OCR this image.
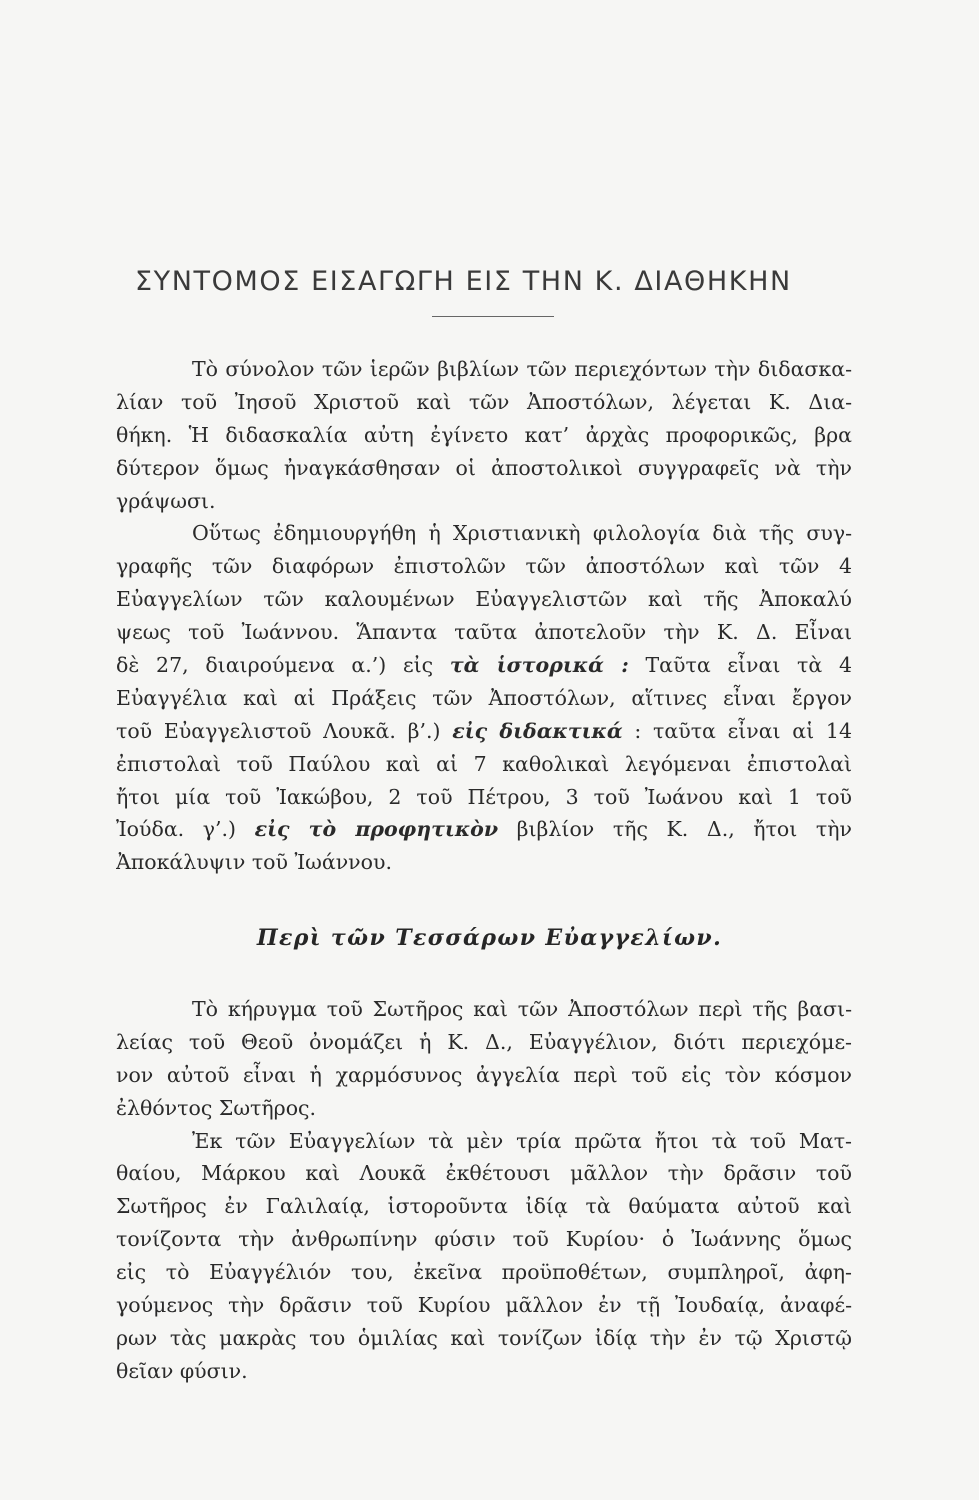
ΣΥΝΤΟΜΟΣ ΕΙΣΑΓΩΓΗ ΕΙΣ ΤΗΝ Κ. ΔΙΑΘΗΚΗΝ
Τὸ σύνολον τῶν ἱερῶν βιβλίων τῶν περιεχόντων τὴν διδασκα-
λίαν τοῦ Ἰησοῦ Χριστοῦ καὶ τῶν Ἀποστόλων, λέγεται Κ. Δια-
θήκη. Ἡ διδασκαλία αὐτη ἐγίνετο κατ’ ἀρχὰς προφορικῶς, βρα
δύτερον ὅμως ἠναγκάσθησαν οἱ ἀποστολικοὶ συγγραφεῖς νὰ τὴν
γράψωσι.
Οὕτως ἐδημιουργήθη ἡ Χριστιανικὴ φιλολογία διὰ τῆς συγ-
γραφῆς τῶν διαφόρων ἐπιστολῶν τῶν ἀποστόλων καὶ τῶν 4
Εὐαγγελίων τῶν καλουμένων Εὐαγγελιστῶν καὶ τῆς Ἀποκαλύ
ψεως τοῦ Ἰωάννου. Ἅπαντα ταῦτα ἀποτελοῦν τὴν Κ. Δ. Εἶναι
δὲ 27, διαιρούμενα α.’) εἰς τὰ ἱστορικά : Ταῦτα εἶναι τὰ 4
Εὐαγγέλια καὶ αἱ Πράξεις τῶν Ἀποστόλων, αἵτινες εἶναι ἔργον
τοῦ Εὐαγγελιστοῦ Λουκᾶ. β’.) εἰς διδακτικά : ταῦτα εἶναι αἱ 14
ἐπιστολαὶ τοῦ Παύλου καὶ αἱ 7 καθολικαὶ λεγόμεναι ἐπιστολαὶ
ἤτοι μία τοῦ Ἰακώβου, 2 τοῦ Πέτρου, 3 τοῦ Ἰωάνου καὶ 1 τοῦ
Ἰούδα. γ’.) εἰς τὸ προφητικὸν βιβλίον τῆς Κ. Δ., ἤτοι τὴν
Ἀποκάλυψιν τοῦ Ἰωάννου.
Περὶ τῶν Τεσσάρων Εὐαγγελίων.
Τὸ κήρυγμα τοῦ Σωτῆρος καὶ τῶν Ἀποστόλων περὶ τῆς βασι-
λείας τοῦ Θεοῦ ὀνομάζει ἡ Κ. Δ., Εὐαγγέλιον, διότι περιεχόμε-
νον αὐτοῦ εἶναι ἡ χαρμόσυνος ἀγγελία περὶ τοῦ εἰς τὸν κόσμον
ἐλθόντος Σωτῆρος.
Ἐκ τῶν Εὐαγγελίων τὰ μὲν τρία πρῶτα ἤτοι τὰ τοῦ Ματ-
θαίου, Μάρκου καὶ Λουκᾶ ἐκθέτουσι μᾶλλον τὴν δρᾶσιν τοῦ
Σωτῆρος ἐν Γαλιλαίᾳ, ἱστοροῦντα ἰδίᾳ τὰ θαύματα αὐτοῦ καὶ
τονίζοντα τὴν ἀνθρωπίνην φύσιν τοῦ Κυρίου· ὁ Ἰωάννης ὅμως
εἰς τὸ Εὐαγγέλιόν του, ἐκεῖνα προϋποθέτων, συμπληροῖ, ἀφη-
γούμενος τὴν δρᾶσιν τοῦ Κυρίου μᾶλλον ἐν τῇ Ἰουδαίᾳ, ἀναφέ-
ρων τὰς μακρὰς του ὁμιλίας καὶ τονίζων ἰδίᾳ τὴν ἐν τῷ Χριστῷ
θεῖαν φύσιν.
